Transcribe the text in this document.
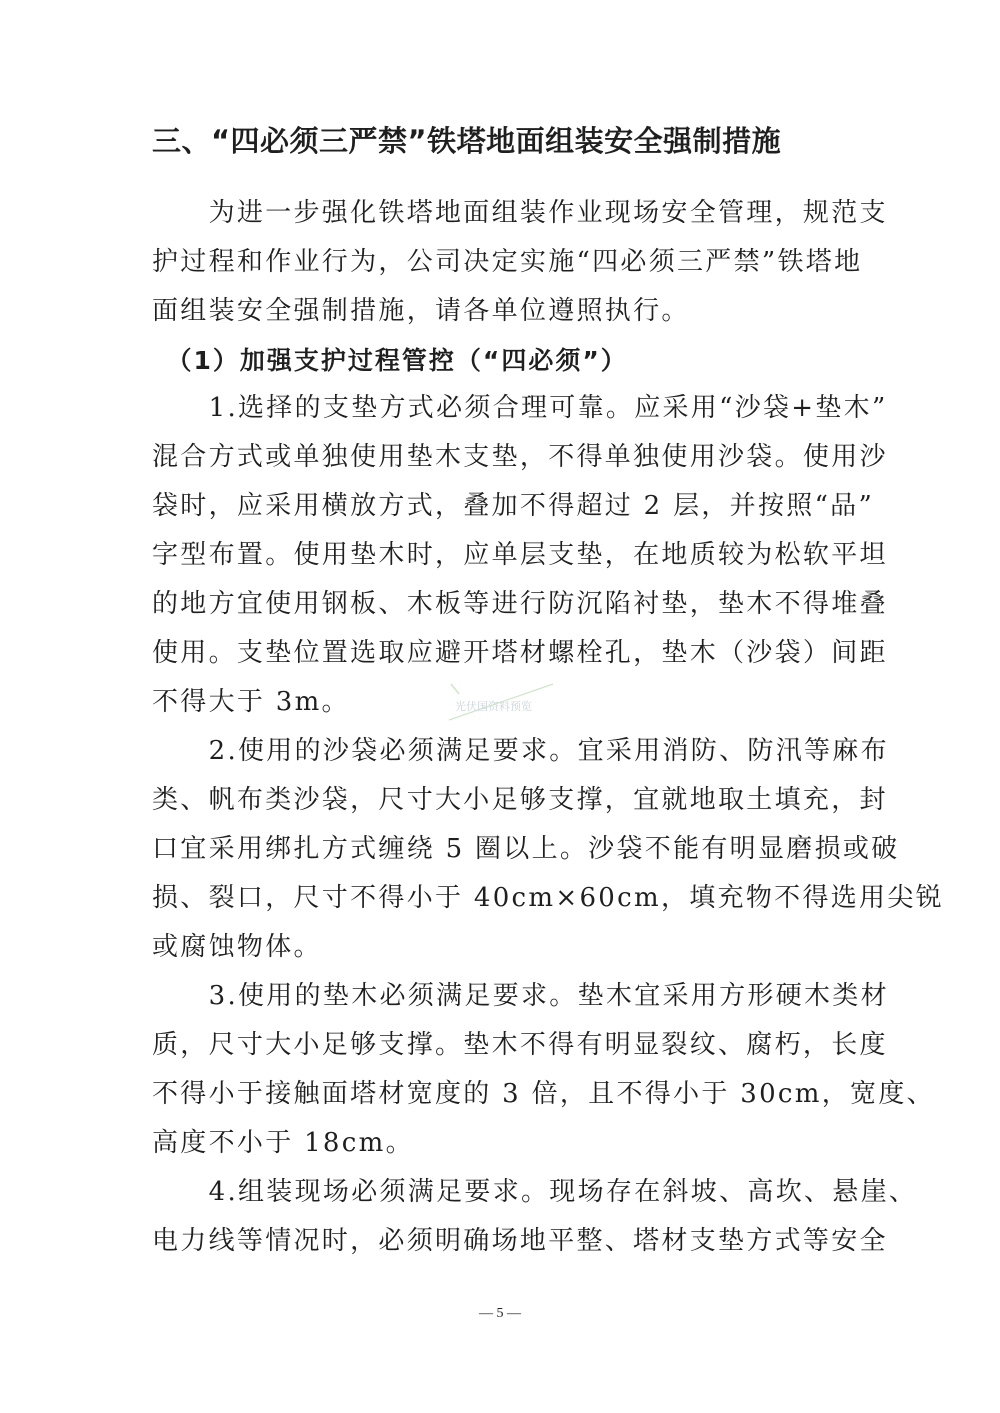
三、“四必须三严禁”铁塔地面组装安全强制措施
　　为进一步强化铁塔地面组装作业现场安全管理，规范支
护过程和作业行为，公司决定实施“四必须三严禁”铁塔地
面组装安全强制措施，请各单位遵照执行。
　（1）加强支护过程管控（“四必须”）
　　1.选择的支垫方式必须合理可靠。应采用“沙袋+垫木”
混合方式或单独使用垫木支垫，不得单独使用沙袋。使用沙
袋时，应采用横放方式，叠加不得超过 2 层，并按照“品”
字型布置。使用垫木时，应单层支垫，在地质较为松软平坦
的地方宜使用钢板、木板等进行防沉陷衬垫，垫木不得堆叠
使用。支垫位置选取应避开塔材螺栓孔，垫木（沙袋）间距
不得大于 3m。	光伏国资料预览
　　2.使用的沙袋必须满足要求。宜采用消防、防汛等麻布
类、帆布类沙袋，尺寸大小足够支撑，宜就地取土填充，封
口宜采用绑扎方式缠绕 5 圈以上。沙袋不能有明显磨损或破
损、裂口，尺寸不得小于 40cm×60cm，填充物不得选用尖锐
或腐蚀物体。
　　3.使用的垫木必须满足要求。垫木宜采用方形硬木类材
质，尺寸大小足够支撑。垫木不得有明显裂纹、腐朽，长度
不得小于接触面塔材宽度的 3 倍，且不得小于 30cm，宽度、
高度不小于 18cm。
　　4.组装现场必须满足要求。现场存在斜坡、高坎、悬崖、
电力线等情况时，必须明确场地平整、塔材支垫方式等安全
— 5 —
